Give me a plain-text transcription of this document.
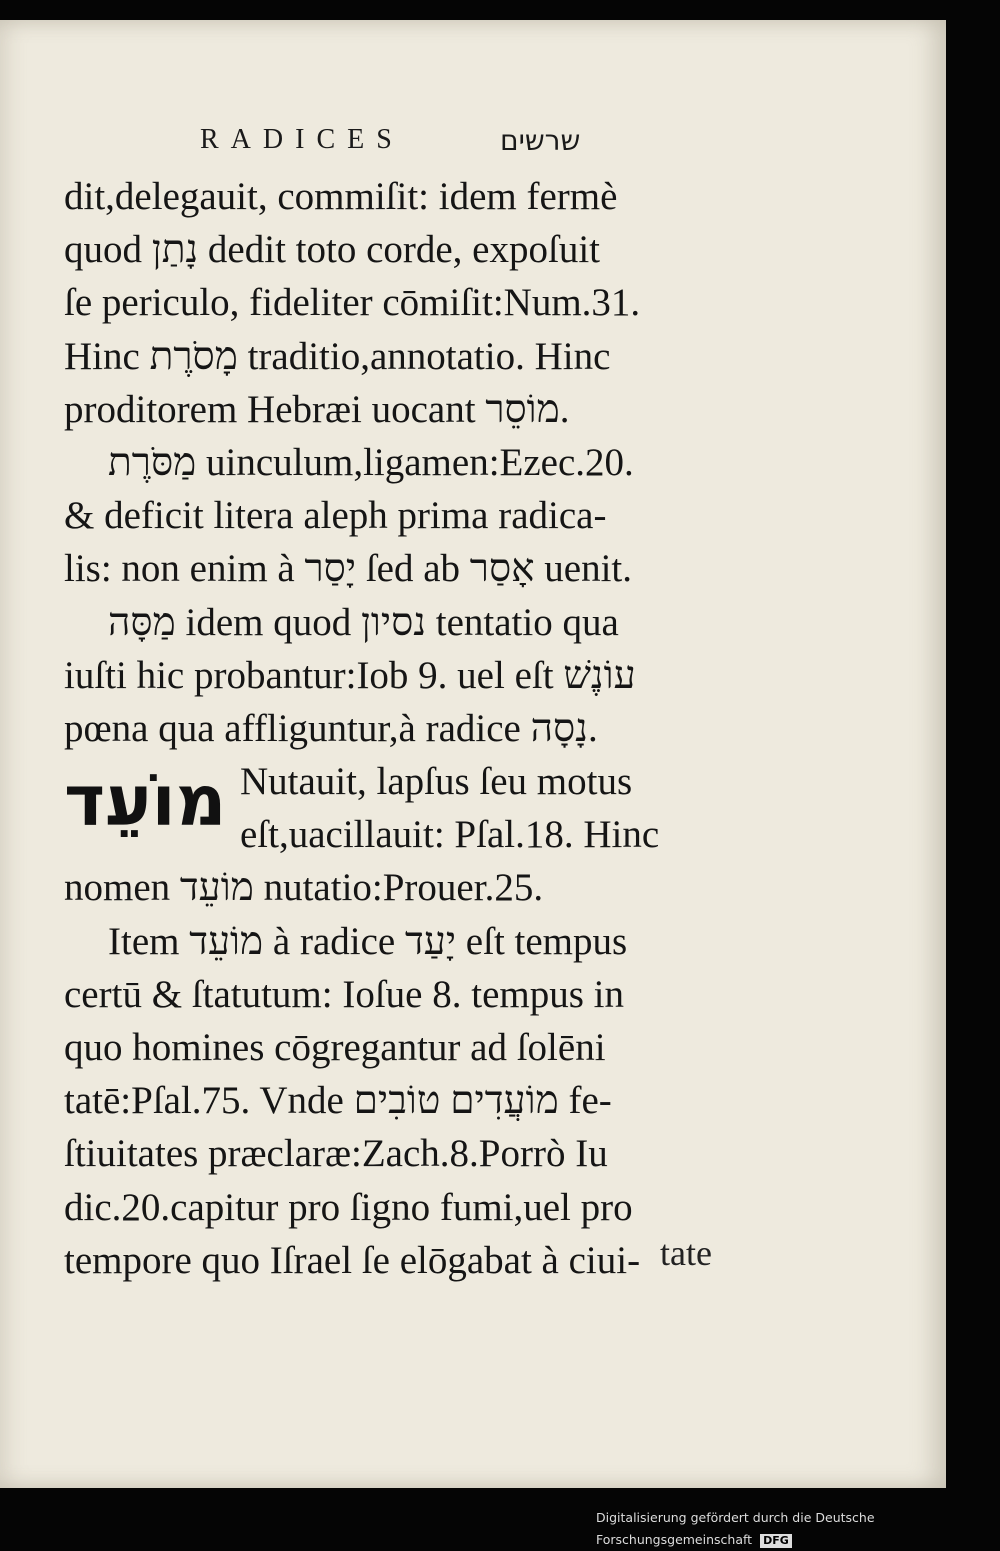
RADICES	שרשים
dit,delegauit, commiſit: idem fermè
quod נָתַן dedit toto corde, expoſuit
ſe periculo, fideliter cōmiſit:Num.31.
Hinc מָסֹרֶת traditio,annotatio. Hinc
proditorem Hebræi uocant מוֹסֵר.
מַסֹּרֶת uinculum,ligamen:Ezec.20.
& deficit litera aleph prima radica-
lis: non enim à יָסַר ſed ab אָסַר uenit.
מַסָּה idem quod נסיון tentatio qua
iuſti hic probantur:Iob 9. uel eſt עוֹנֶשׁ
pœna qua affliguntur,à radice נָסָה.
מוֹעֵד Nutauit, lapſus ſeu motus
eſt,uacillauit: Pſal.18. Hinc
nomen מוֹעֵד nutatio:Prouer.25.
Item מוֹעֵד à radice יָעַד eſt tempus
certū & ſtatutum: Ioſue 8. tempus in
quo homines cōgregantur ad ſolēni
tatē:Pſal.75. Vnde מוֹעֲדִים טוֹבִים fe-
ſtiuitates præclaræ:Zach.8.Porrò Iu
dic.20.capitur pro ſigno fumi,uel pro
tempore quo Iſrael ſe elōgabat à ciui- tate
Digitalisierung gefördert durch die Deutsche Forschungsgemeinschaft DFG
